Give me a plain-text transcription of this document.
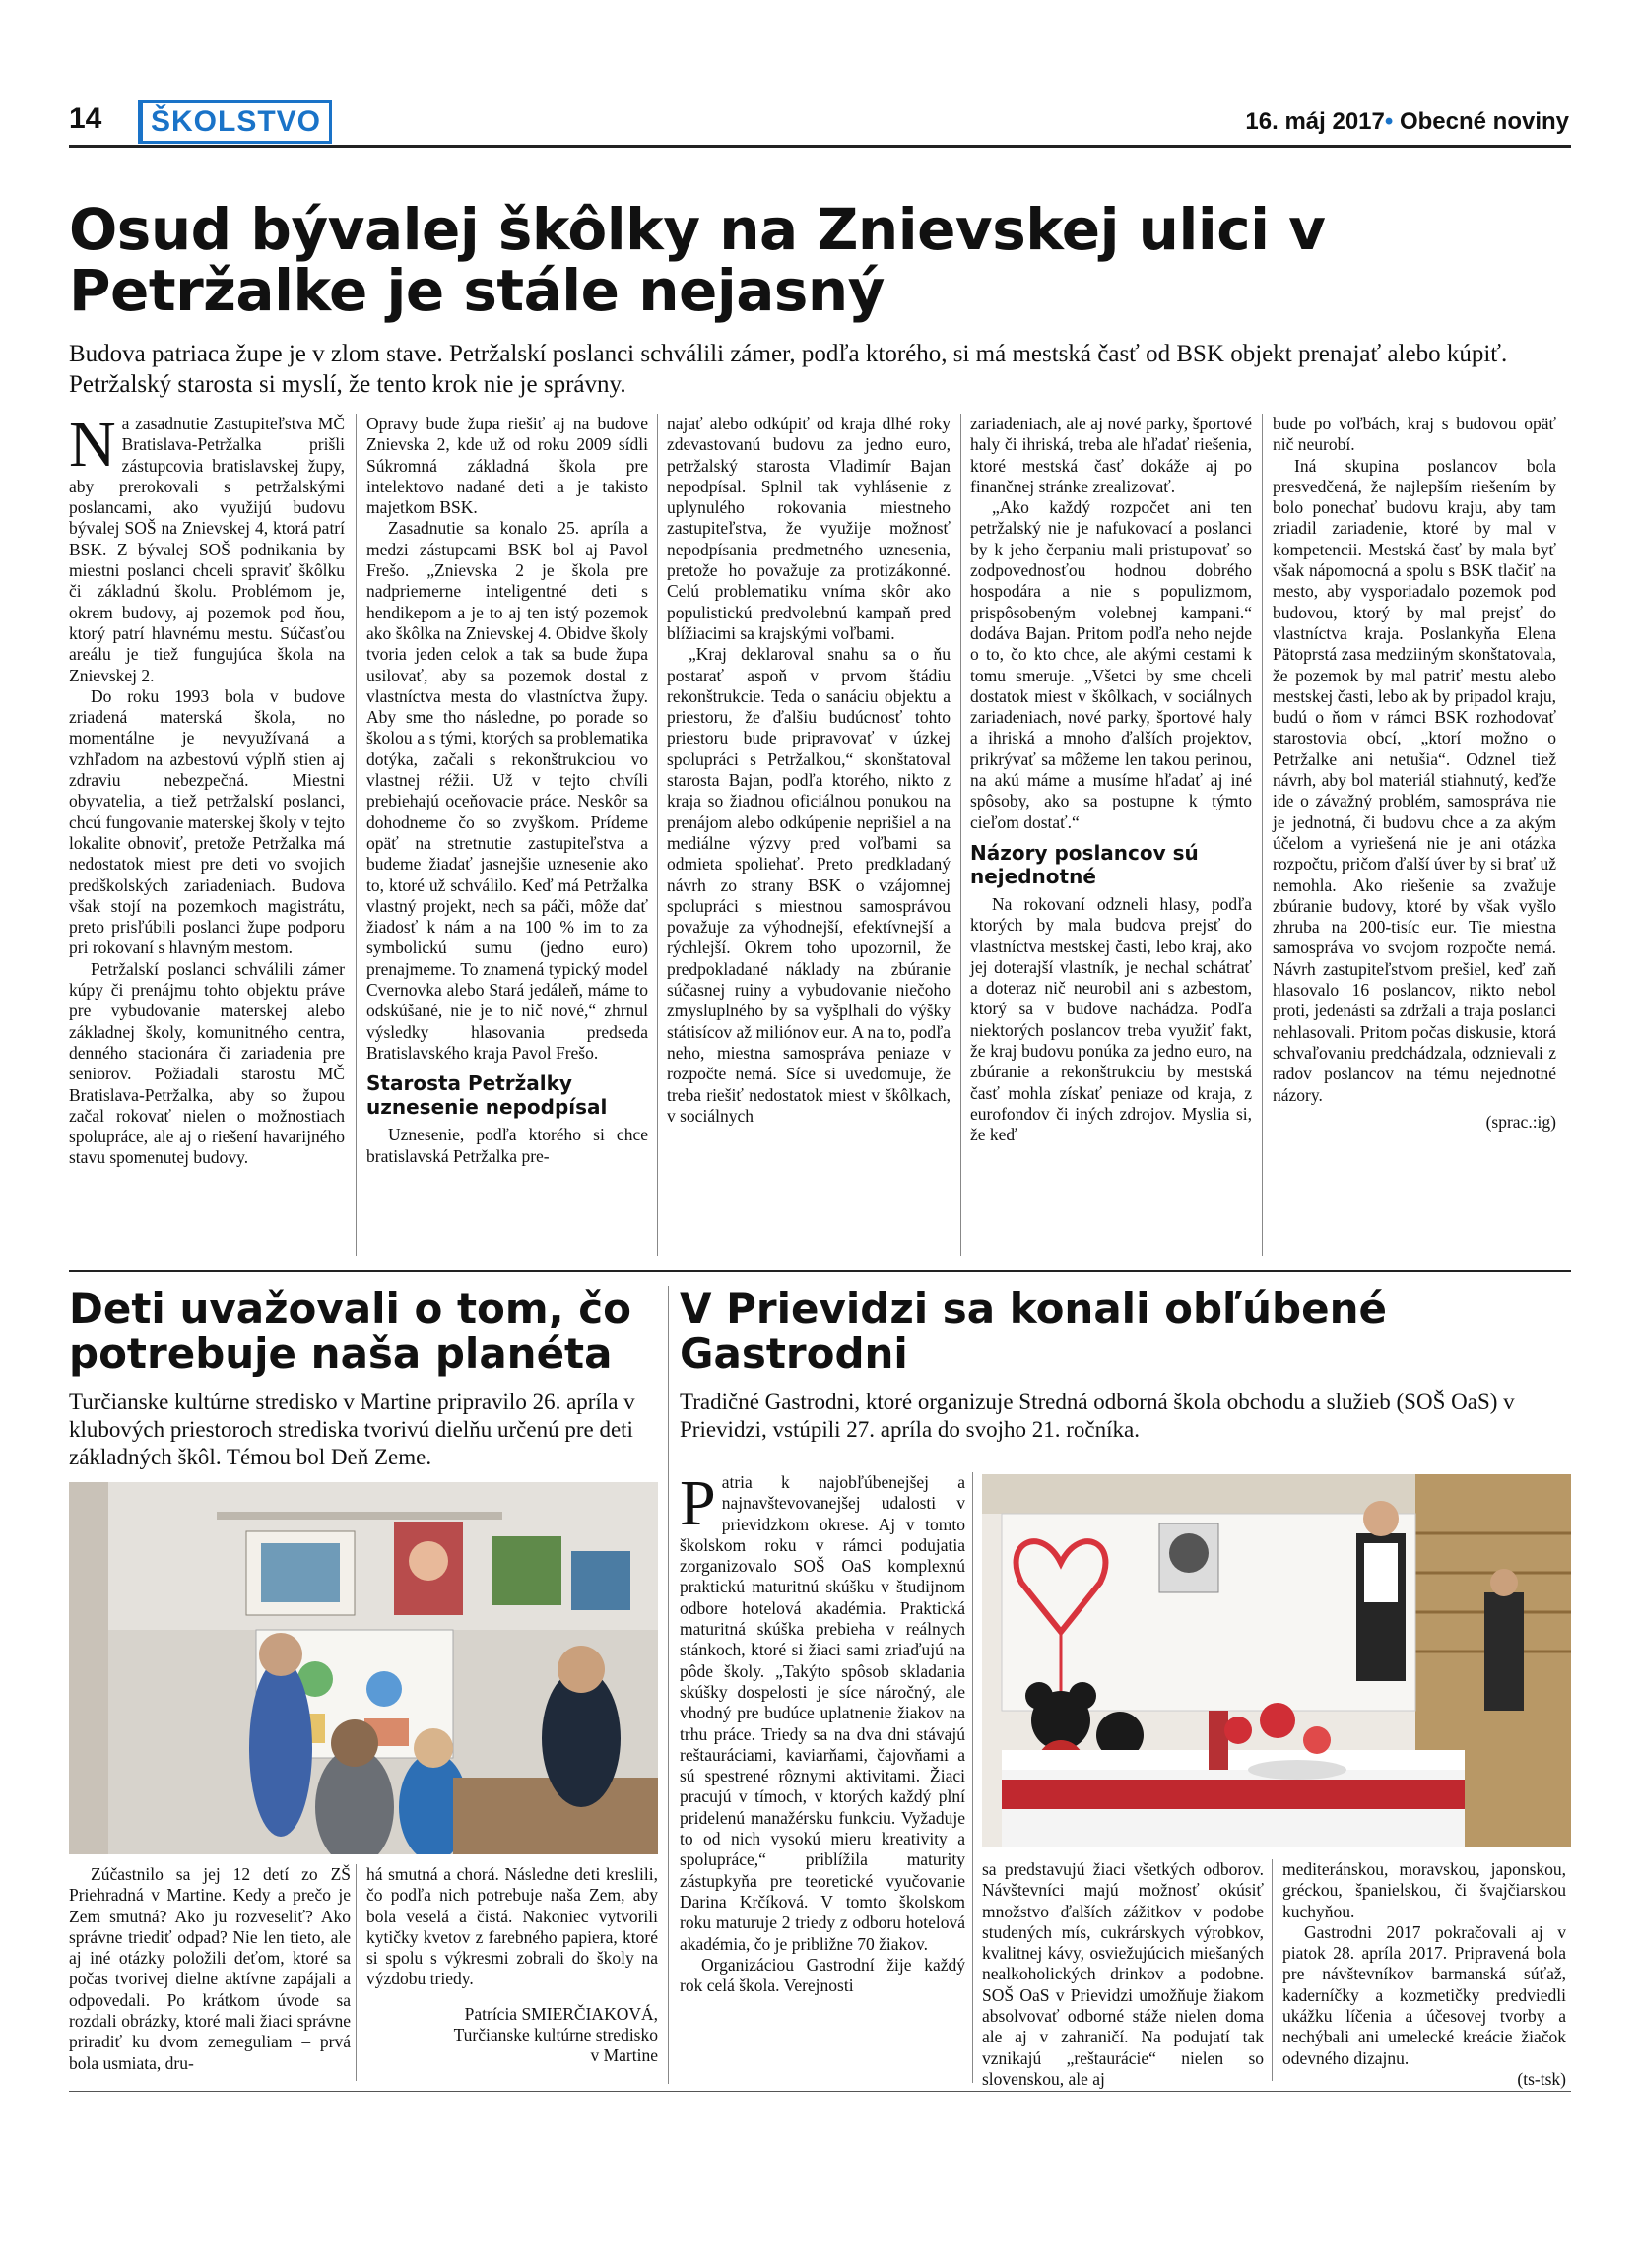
14	ŠKOLSTVO	16. máj 2017• Obecné noviny
Osud bývalej škôlky na Znievskej ulici v Petržalke je stále nejasný
Budova patriaca župe je v zlom stave. Petržalskí poslanci schválili zámer, podľa ktorého, si má mestská časť od BSK objekt prenajať alebo kúpiť. Petržalský starosta si myslí, že tento krok nie je správny.

Na zasadnutie Zastupiteľstva MČ Bratislava-Petržalka prišli zástupcovia bratislavskej župy, aby prerokovali s petržalskými poslancami, ako využijú budovu bývalej SOŠ na Znievskej 4, ktorá patrí BSK. Z bývalej SOŠ podnikania by miestni poslanci chceli spraviť škôlku či základnú školu. Problémom je, okrem budovy, aj pozemok pod ňou, ktorý patrí hlavnému mestu. Súčasťou areálu je tiež fungujúca škola na Znievskej 2.

Do roku 1993 bola v budove zriadená materská škola, no momentálne je nevyužívaná a vzhľadom na azbestovú výplň stien aj zdraviu nebezpečná. Miestni obyvatelia, a tiež petržalskí poslanci, chcú fungovanie materskej školy v tejto lokalite obnoviť, pretože Petržalka má nedostatok miest pre deti vo svojich predškolských zariadeniach. Budova však stojí na pozemkoch magistrátu, preto prisľúbili poslanci župe podporu pri rokovaní s hlavným mestom.

Petržalskí poslanci schválili zámer kúpy či prenájmu tohto objektu práve pre vybudovanie materskej alebo základnej školy, komunitného centra, denného stacionára či zariadenia pre seniorov. Požiadali starostu MČ Bratislava-Petržalka, aby so župou začal rokovať nielen o možnostiach spolupráce, ale aj o riešení havarijného stavu spomenutej budovy.

Opravy bude župa riešiť aj na budove Znievska 2, kde už od roku 2009 sídli Súkromná základná škola pre intelektovo nadané deti a je takisto majetkom BSK.

Zasadnutie sa konalo 25. apríla a medzi zástupcami BSK bol aj Pavol Frešo. „Znievska 2 je škola pre nadpriemerne inteligentné deti s hendikepom a je to aj ten istý pozemok ako škôlka na Znievskej 4. Obidve školy tvoria jeden celok a tak sa bude župa usilovať, aby sa pozemok dostal z vlastníctva mesta do vlastníctva župy. Aby sme tho následne, po porade so školou a s tými, ktorých sa problematika dotýka, začali s rekonštrukciou vo vlastnej réžii. Už v tejto chvíli prebiehajú oceňovacie práce. Neskôr sa dohodneme čo so zvyškom. Prídeme opäť na stretnutie zastupiteľstva a budeme žiadať jasnejšie uznesenie ako to, ktoré už schválilo. Keď má Petržalka vlastný projekt, nech sa páči, môže dať žiadosť k nám a na 100 % im to za symbolickú sumu (jedno euro) prenajmeme. To znamená typický model Cvernovka alebo Stará jedáleň, máme to odskúšané, nie je to nič nové,“ zhrnul výsledky hlasovania predseda Bratislavského kraja Pavol Frešo.

Starosta Petržalky uznesenie nepodpísal

Uznesenie, podľa ktorého si chce bratislavská Petržalka pre-

najať alebo odkúpiť od kraja dlhé roky zdevastovanú budovu za jedno euro, petržalský starosta Vladimír Bajan nepodpísal. Splnil tak vyhlásenie z uplynulého rokovania miestneho zastupiteľstva, že využije možnosť nepodpísania predmetného uznesenia, pretože ho považuje za protizákonné. Celú problematiku vníma skôr ako populistickú predvolebnú kampaň pred blížiacimi sa krajskými voľbami.

„Kraj deklaroval snahu sa o ňu postarať aspoň v prvom štádiu rekonštrukcie. Teda o sanáciu objektu a priestoru, že ďalšiu budúcnosť tohto priestoru bude pripravovať v úzkej spolupráci s Petržalkou,“ skonštatoval starosta Bajan, podľa ktorého, nikto z kraja so žiadnou oficiálnou ponukou na prenájom alebo odkúpenie neprišiel a na mediálne výzvy pred voľbami sa odmieta spoliehať. Preto predkladaný návrh zo strany BSK o vzájomnej spolupráci s miestnou samosprávou považuje za výhodnejší, efektívnejší a rýchlejší. Okrem toho upozornil, že predpokladané náklady na zbúranie súčasnej ruiny a vybudovanie niečoho zmysluplného by sa vyšplhali do výšky státisícov až miliónov eur. A na to, podľa neho, miestna samospráva peniaze v rozpočte nemá. Síce si uvedomuje, že treba riešiť nedostatok miest v škôlkach, v sociálnych

zariadeniach, ale aj nové parky, športové haly či ihriská, treba ale hľadať riešenia, ktoré mestská časť dokáže aj po finančnej stránke zrealizovať.

„Ako každý rozpočet ani ten petržalský nie je nafukovací a poslanci by k jeho čerpaniu mali pristupovať so zodpovednosťou hodnou dobrého hospodára a nie s populizmom, prispôsobeným volebnej kampani.“ dodáva Bajan. Pritom podľa neho nejde o to, čo kto chce, ale akými cestami k tomu smeruje. „Všetci by sme chceli dostatok miest v škôlkach, v sociálnych zariadeniach, nové parky, športové haly a ihriská a mnoho ďalších projektov, prikrývať sa môžeme len takou perinou, na akú máme a musíme hľadať aj iné spôsoby, ako sa postupne k týmto cieľom dostať.“

Názory poslancov sú nejednotné

Na rokovaní odzneli hlasy, podľa ktorých by mala budova prejsť do vlastníctva mestskej časti, lebo kraj, ako jej doterajší vlastník, je nechal schátrať a doteraz nič neurobil ani s azbestom, ktorý sa v budove nachádza. Podľa niektorých poslancov treba využiť fakt, že kraj budovu ponúka za jedno euro, na zbúranie a rekonštrukciu by mestská časť mohla získať peniaze od kraja, z eurofondov či iných zdrojov. Myslia si, že keď

bude po voľbách, kraj s budovou opäť nič neurobí.

Iná skupina poslancov bola presvedčená, že najlepším riešením by bolo ponechať budovu kraju, aby tam zriadil zariadenie, ktoré by mal v kompetencii. Mestská časť by mala byť však nápomocná a spolu s BSK tlačiť na mesto, aby vysporiadalo pozemok pod budovou, ktorý by mal prejsť do vlastníctva kraja. Poslankyňa Elena Pätoprstá zasa medziiným skonštatovala, že pozemok by mal patriť mestu alebo mestskej časti, lebo ak by pripadol kraju, budú o ňom v rámci BSK rozhodovať starostovia obcí, „ktorí možno o Petržalke ani netušia“. Odznel tiež návrh, aby bol materiál stiahnutý, keďže ide o závažný problém, samospráva nie je jednotná, či budovu chce a za akým účelom a vyriešená nie je ani otázka rozpočtu, pričom ďalší úver by si brať už nemohla. Ako riešenie sa zvažuje zbúranie budovy, ktoré by však vyšlo zhruba na 200-tisíc eur. Tie miestna samospráva vo svojom rozpočte nemá. Návrh zastupiteľstvom prešiel, keď zaň hlasovalo 16 poslancov, nikto nebol proti, jedenásti sa zdržali a traja poslanci nehlasovali. Pritom počas diskusie, ktorá schvaľovaniu predchádzala, odznievali z radov poslancov na tému nejednotné názory.

(sprac.:ig)
Deti uvažovali o tom, čo potrebuje naša planéta
Turčianske kultúrne stredisko v Martine pripravilo 26. apríla v klubových priestoroch strediska tvorivú dielňu určenú pre deti základných škôl. Témou bol Deň Zeme.

Zúčastnilo sa jej 12 detí zo ZŠ Priehradná v Martine. Kedy a prečo je Zem smutná? Ako ju rozveseliť? Ako správne triediť odpad? Nie len tieto, ale aj iné otázky položili deťom, ktoré sa počas tvorivej dielne aktívne zapájali a odpovedali. Po krátkom úvode sa rozdali obrázky, ktoré mali žiaci správne priradiť ku dvom zemeguliam – prvá bola usmiata, dru-

há smutná a chorá. Následne deti kreslili, čo podľa nich potrebuje naša Zem, aby bola veselá a čistá. Nakoniec vytvorili kytičky kvetov z farebného papiera, ktoré si spolu s výkresmi zobrali do školy na výzdobu triedy.

Patrícia SMIERČIAKOVÁ,
Turčianske kultúrne stredisko
v Martine
V Prievidzi sa konali obľúbené Gastrodni
Tradičné Gastrodni, ktoré organizuje Stredná odborná škola obchodu a služieb (SOŠ OaS) v Prievidzi, vstúpili 27. apríla do svojho 21. ročníka.

Patria k najobľúbenejšej a najnavštevovanejšej udalosti v prievidzkom okrese. Aj v tomto školskom roku v rámci podujatia zorganizovalo SOŠ OaS komplexnú praktickú maturitnú skúšku v študijnom odbore hotelová akadémia. Praktická maturitná skúška prebieha v reálnych stánkoch, ktoré si žiaci sami zriaďujú na pôde školy. „Takýto spôsob skladania skúšky dospelosti je síce náročný, ale vhodný pre budúce uplatnenie žiakov na trhu práce. Triedy sa na dva dni stávajú reštauráciami, kaviarňami, čajovňami a sú spestrené rôznymi aktivitami. Žiaci pracujú v tímoch, v ktorých každý plní pridelenú manažérsku funkciu. Vyžaduje to od nich vysokú mieru kreativity a spolupráce,“ priblížila maturity zástupkyňa pre teoretické vyučovanie Darina Krčíková. V tomto školskom roku maturuje 2 triedy z odboru hotelová akadémia, čo je približne 70 žiakov.

Organizáciou Gastrodní žije každý rok celá škola. Verejnosti

sa predstavujú žiaci všetkých odborov. Návštevníci majú možnosť okúsiť množstvo ďalších zážitkov v podobe studených mís, cukrárskych výrobkov, kvalitnej kávy, osviežujúcich miešaných nealkoholických drinkov a podobne. SOŠ OaS v Prievidzi umožňuje žiakom absolvovať odborné stáže nielen doma ale aj v zahraničí. Na podujatí tak vznikajú „reštaurácie“ nielen so slovenskou, ale aj

mediteránskou, moravskou, japonskou, gréckou, španielskou, či švajčiarskou kuchyňou.

Gastrodni 2017 pokračovali aj v piatok 28. apríla 2017. Pripravená bola pre návštevníkov barmanská súťaž, kaderníčky a kozmetičky predviedli ukážku líčenia a účesovej tvorby a nechýbali ani umelecké kreácie žiačok odevného dizajnu.

(ts-tsk)
